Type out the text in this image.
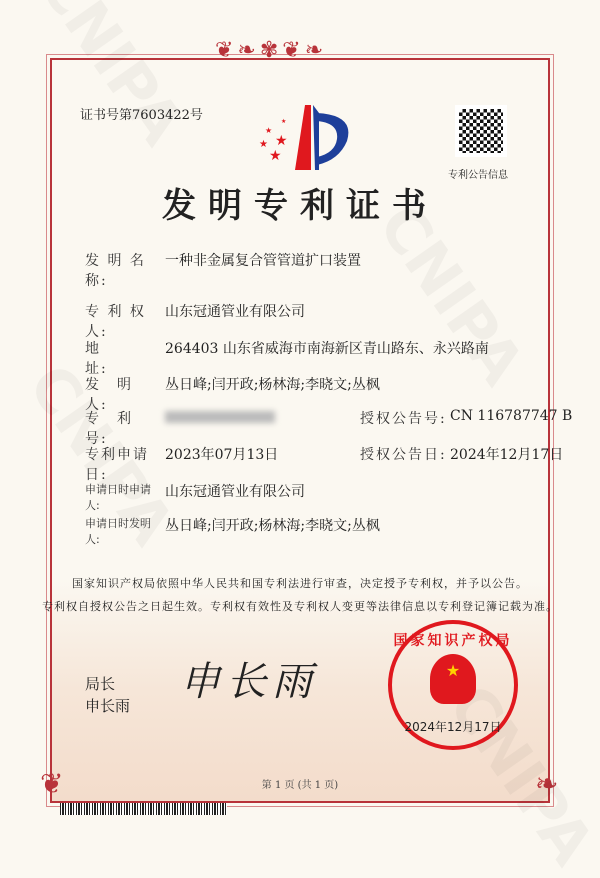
❦❧✾❦❧
❦	❧
证书号第7603422号
★
★ ★
★
★
专利公告信息
发明专利证书
发 明 名 称:
一种非金属复合管管道扩口装置
专 利 权 人:
山东冠通管业有限公司
地　　　址:
264403 山东省威海市南海新区青山路东、永兴路南
发　明　人:
丛日峰;闫开政;杨林海;李晓文;丛枫
专　利　号:
授权公告号: CN 116787747 B
专利申请日:
2023年07月13日	授权公告日: 2024年12月17日
申请日时申请人:
山东冠通管业有限公司
申请日时发明人:
丛日峰;闫开政;杨林海;李晓文;丛枫
国家知识产权局依照中华人民共和国专利法进行审查，决定授予专利权，并予以公告。
专利权自授权公告之日起生效。专利权有效性及专利权人变更等法律信息以专利登记簿记载为准。
局长
申长雨
申长雨
国家知识产权局
★
2024年12月17日
第 1 页 (共 1 页)
